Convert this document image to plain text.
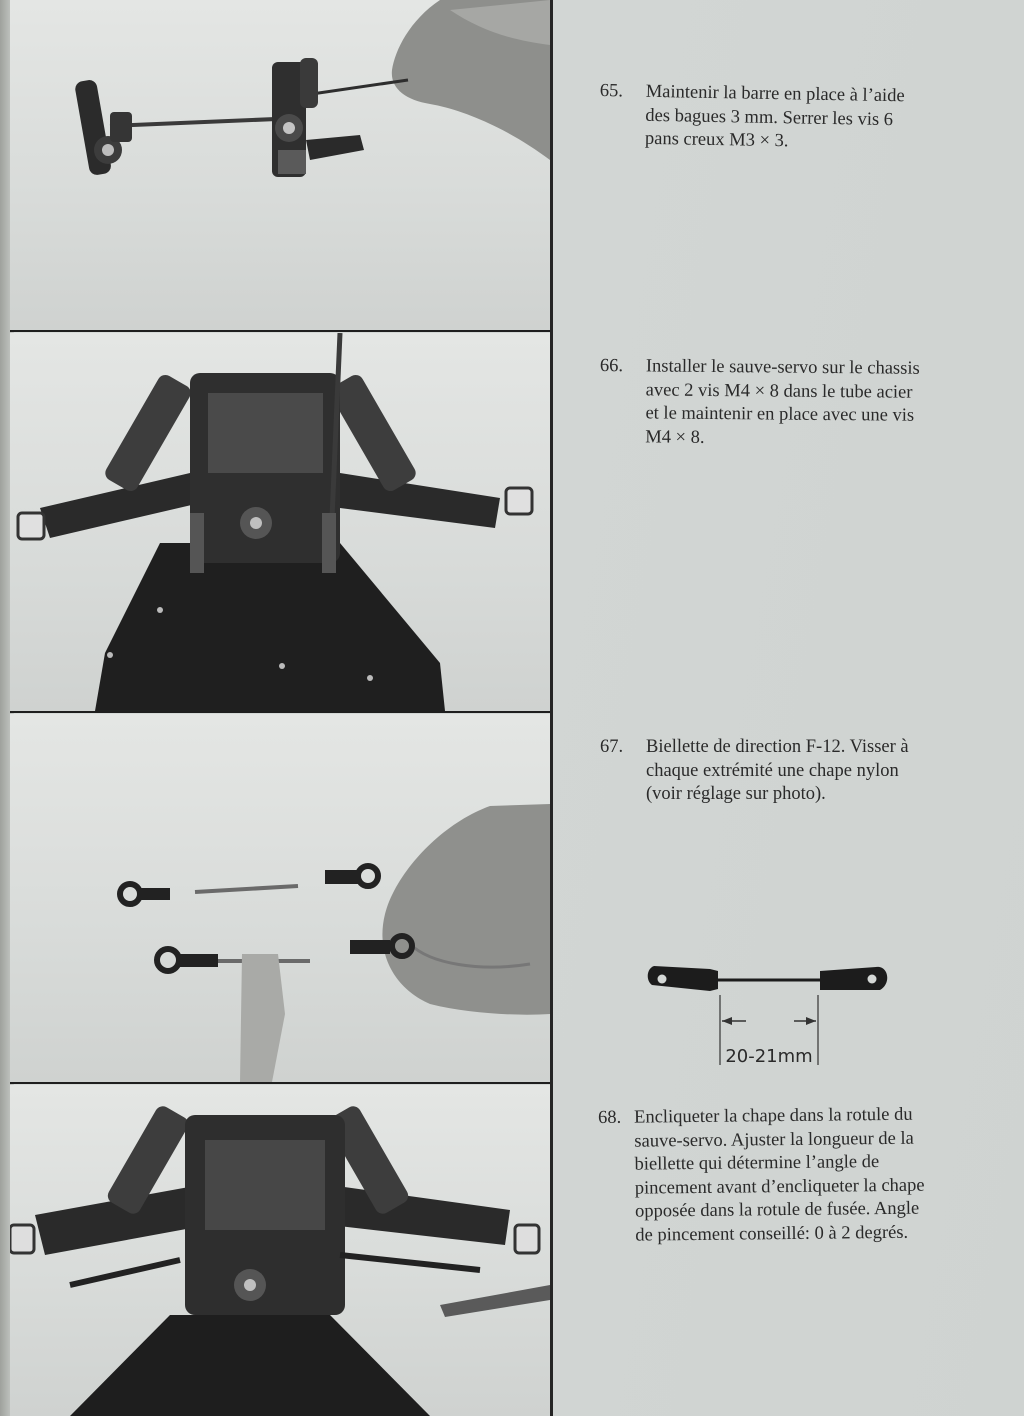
65. Maintenir la barre en place à l’aide des bagues 3 mm. Serrer les vis 6 pans creux M3 × 3.
66. Installer le sauve-servo sur le chassis avec 2 vis M4 × 8 dans le tube acier et le maintenir en place avec une vis M4 × 8.
67. Biellette de direction F-12. Visser à chaque extrémité une chape nylon (voir réglage sur photo).
20-21mm
68. Encliqueter la chape dans la rotule du sauve-servo. Ajuster la longueur de la biellette qui détermine l’angle de pincement avant d’encliqueter la chape opposée dans la rotule de fusée. Angle de pincement conseillé: 0 à 2 degrés.
